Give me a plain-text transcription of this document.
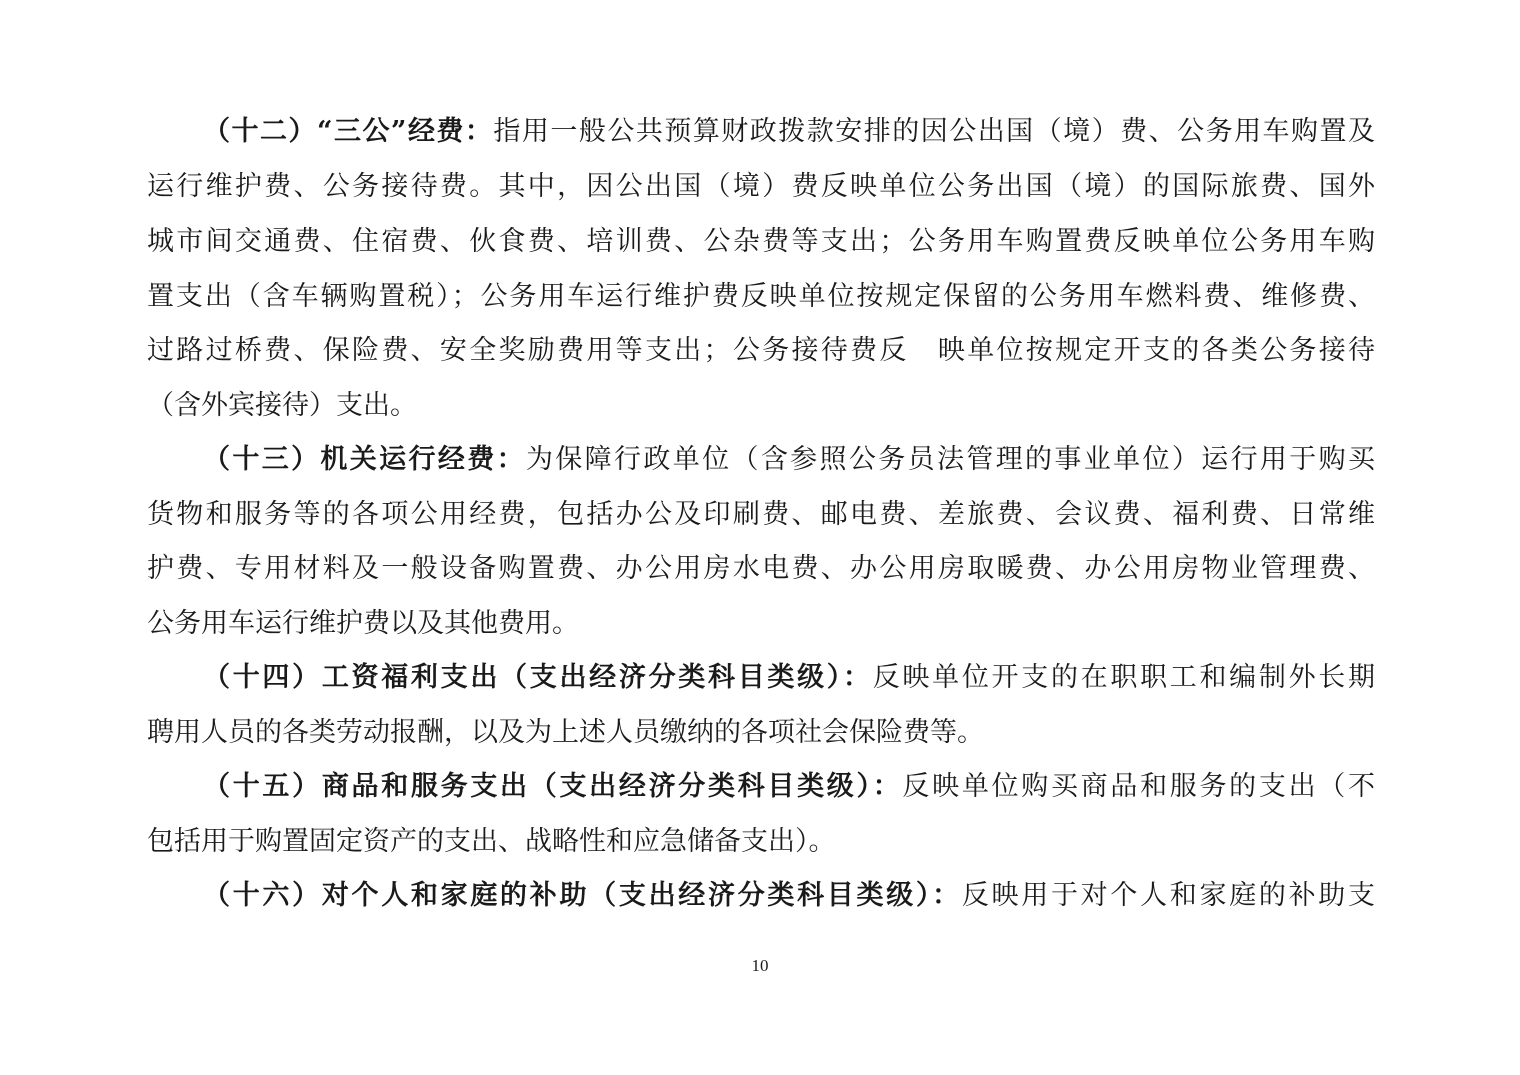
（十二）“三公”经费：指用一般公共预算财政拨款安排的因公出国（境）费、公务用车购置及
运行维护费、公务接待费。其中，因公出国（境）费反映单位公务出国（境）的国际旅费、国外
城市间交通费、住宿费、伙食费、培训费、公杂费等支出；公务用车购置费反映单位公务用车购
置支出（含车辆购置税）；公务用车运行维护费反映单位按规定保留的公务用车燃料费、维修费、
过路过桥费、保险费、安全奖励费用等支出；公务接待费反　映单位按规定开支的各类公务接待
（含外宾接待）支出。
（十三）机关运行经费：为保障行政单位（含参照公务员法管理的事业单位）运行用于购买
货物和服务等的各项公用经费，包括办公及印刷费、邮电费、差旅费、会议费、福利费、日常维
护费、专用材料及一般设备购置费、办公用房水电费、办公用房取暖费、办公用房物业管理费、
公务用车运行维护费以及其他费用。
（十四）工资福利支出（支出经济分类科目类级）：反映单位开支的在职职工和编制外长期
聘用人员的各类劳动报酬，以及为上述人员缴纳的各项社会保险费等。
（十五）商品和服务支出（支出经济分类科目类级）：反映单位购买商品和服务的支出（不
包括用于购置固定资产的支出、战略性和应急储备支出）。
（十六）对个人和家庭的补助（支出经济分类科目类级）：反映用于对个人和家庭的补助支
10
